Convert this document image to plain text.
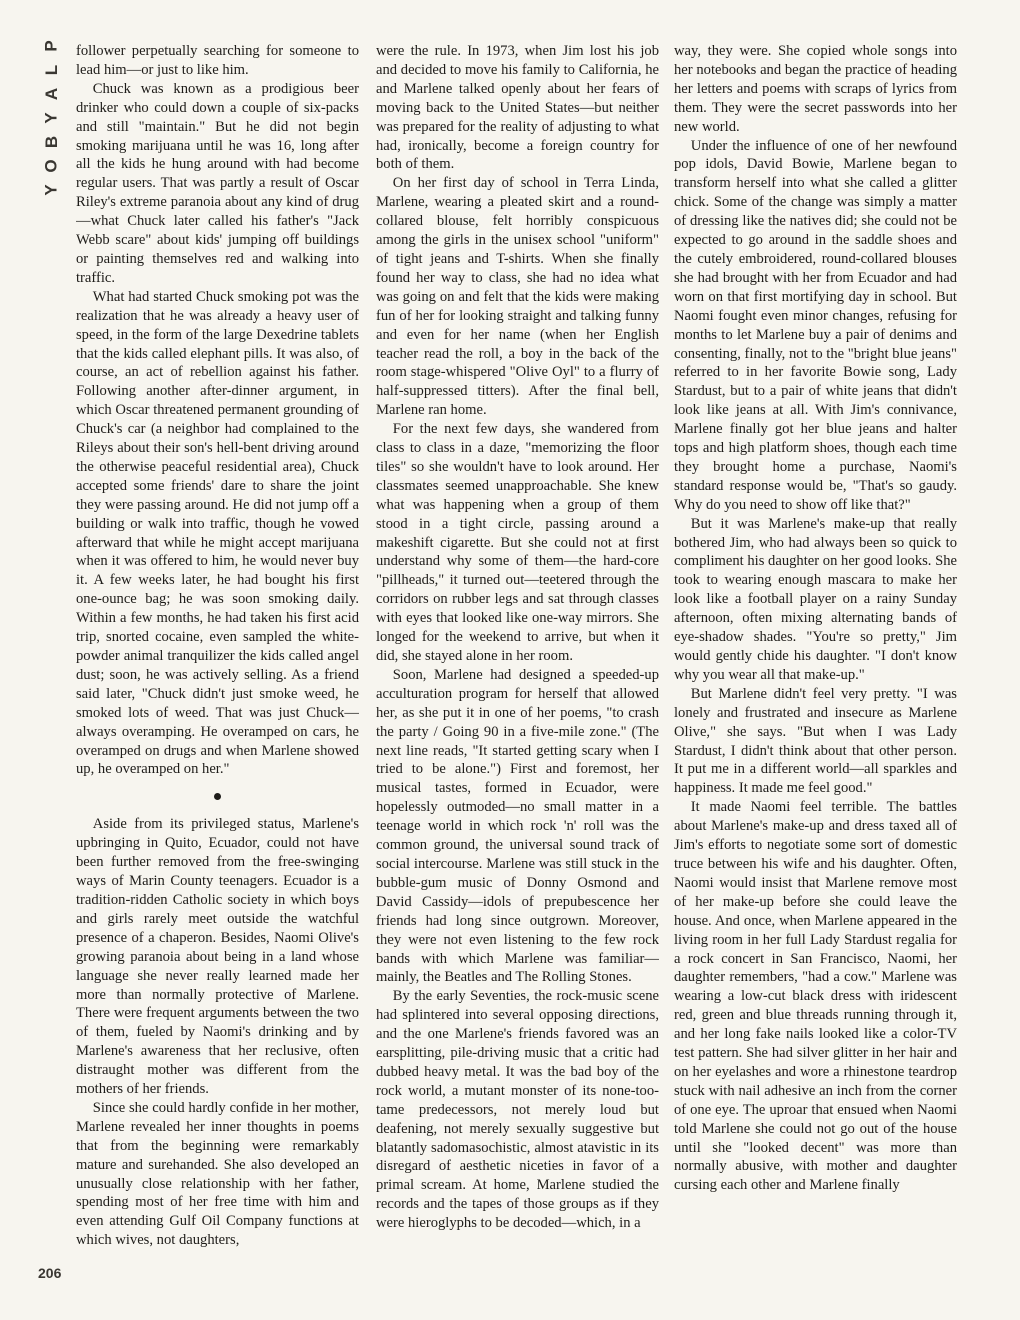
P
L
A
Y
B
O
Y

follower perpetually searching for someone to lead him—or just to like him.

Chuck was known as a prodigious beer drinker who could down a couple of six-packs and still "maintain." But he did not begin smoking marijuana until he was 16, long after all the kids he hung around with had become regular users. That was partly a result of Oscar Riley's extreme paranoia about any kind of drug—what Chuck later called his father's "Jack Webb scare" about kids' jumping off buildings or painting themselves red and walking into traffic.

What had started Chuck smoking pot was the realization that he was already a heavy user of speed, in the form of the large Dexedrine tablets that the kids called elephant pills. It was also, of course, an act of rebellion against his father. Following another after-dinner argument, in which Oscar threatened permanent grounding of Chuck's car (a neighbor had complained to the Rileys about their son's hell-bent driving around the otherwise peaceful residential area), Chuck accepted some friends' dare to share the joint they were passing around. He did not jump off a building or walk into traffic, though he vowed afterward that while he might accept marijuana when it was offered to him, he would never buy it. A few weeks later, he had bought his first one-ounce bag; he was soon smoking daily. Within a few months, he had taken his first acid trip, snorted cocaine, even sampled the white-powder animal tranquilizer the kids called angel dust; soon, he was actively selling. As a friend said later, "Chuck didn't just smoke weed, he smoked lots of weed. That was just Chuck—always overamping. He overamped on cars, he overamped on drugs and when Marlene showed up, he overamped on her."

Aside from its privileged status, Marlene's upbringing in Quito, Ecuador, could not have been further removed from the free-swinging ways of Marin County teenagers. Ecuador is a tradition-ridden Catholic society in which boys and girls rarely meet outside the watchful presence of a chaperon. Besides, Naomi Olive's growing paranoia about being in a land whose language she never really learned made her more than normally protective of Marlene. There were frequent arguments between the two of them, fueled by Naomi's drinking and by Marlene's awareness that her reclusive, often distraught mother was different from the mothers of her friends.

Since she could hardly confide in her mother, Marlene revealed her inner thoughts in poems that from the beginning were remarkably mature and surehanded. She also developed an unusually close relationship with her father, spending most of her free time with him and even attending Gulf Oil Company functions at which wives, not daughters,

were the rule. In 1973, when Jim lost his job and decided to move his family to California, he and Marlene talked openly about her fears of moving back to the United States—but neither was prepared for the reality of adjusting to what had, ironically, become a foreign country for both of them.

On her first day of school in Terra Linda, Marlene, wearing a pleated skirt and a round-collared blouse, felt horribly conspicuous among the girls in the unisex school "uniform" of tight jeans and T-shirts. When she finally found her way to class, she had no idea what was going on and felt that the kids were making fun of her for looking straight and talking funny and even for her name (when her English teacher read the roll, a boy in the back of the room stage-whispered "Olive Oyl" to a flurry of half-suppressed titters). After the final bell, Marlene ran home.

For the next few days, she wandered from class to class in a daze, "memorizing the floor tiles" so she wouldn't have to look around. Her classmates seemed unapproachable. She knew what was happening when a group of them stood in a tight circle, passing around a makeshift cigarette. But she could not at first understand why some of them—the hard-core "pillheads," it turned out—teetered through the corridors on rubber legs and sat through classes with eyes that looked like one-way mirrors. She longed for the weekend to arrive, but when it did, she stayed alone in her room.

Soon, Marlene had designed a speeded-up acculturation program for herself that allowed her, as she put it in one of her poems, "to crash the party / Going 90 in a five-mile zone." (The next line reads, "It started getting scary when I tried to be alone.") First and foremost, her musical tastes, formed in Ecuador, were hopelessly outmoded—no small matter in a teenage world in which rock 'n' roll was the common ground, the universal sound track of social intercourse. Marlene was still stuck in the bubble-gum music of Donny Osmond and David Cassidy—idols of prepubescence her friends had long since outgrown. Moreover, they were not even listening to the few rock bands with which Marlene was familiar—mainly, the Beatles and The Rolling Stones.

By the early Seventies, the rock-music scene had splintered into several opposing directions, and the one Marlene's friends favored was an earsplitting, pile-driving music that a critic had dubbed heavy metal. It was the bad boy of the rock world, a mutant monster of its none-too-tame predecessors, not merely loud but deafening, not merely sexually suggestive but blatantly sadomasochistic, almost atavistic in its disregard of aesthetic niceties in favor of a primal scream. At home, Marlene studied the records and the tapes of those groups as if they were hieroglyphs to be decoded—which, in a

way, they were. She copied whole songs into her notebooks and began the practice of heading her letters and poems with scraps of lyrics from them. They were the secret passwords into her new world.

Under the influence of one of her newfound pop idols, David Bowie, Marlene began to transform herself into what she called a glitter chick. Some of the change was simply a matter of dressing like the natives did; she could not be expected to go around in the saddle shoes and the cutely embroidered, round-collared blouses she had brought with her from Ecuador and had worn on that first mortifying day in school. But Naomi fought even minor changes, refusing for months to let Marlene buy a pair of denims and consenting, finally, not to the "bright blue jeans" referred to in her favorite Bowie song, Lady Stardust, but to a pair of white jeans that didn't look like jeans at all. With Jim's connivance, Marlene finally got her blue jeans and halter tops and high platform shoes, though each time they brought home a purchase, Naomi's standard response would be, "That's so gaudy. Why do you need to show off like that?"

But it was Marlene's make-up that really bothered Jim, who had always been so quick to compliment his daughter on her good looks. She took to wearing enough mascara to make her look like a football player on a rainy Sunday afternoon, often mixing alternating bands of eye-shadow shades. "You're so pretty," Jim would gently chide his daughter. "I don't know why you wear all that make-up."

But Marlene didn't feel very pretty. "I was lonely and frustrated and insecure as Marlene Olive," she says. "But when I was Lady Stardust, I didn't think about that other person. It put me in a different world—all sparkles and happiness. It made me feel good."

It made Naomi feel terrible. The battles about Marlene's make-up and dress taxed all of Jim's efforts to negotiate some sort of domestic truce between his wife and his daughter. Often, Naomi would insist that Marlene remove most of her make-up before she could leave the house. And once, when Marlene appeared in the living room in her full Lady Stardust regalia for a rock concert in San Francisco, Naomi, her daughter remembers, "had a cow." Marlene was wearing a low-cut black dress with iridescent red, green and blue threads running through it, and her long fake nails looked like a color-TV test pattern. She had silver glitter in her hair and on her eyelashes and wore a rhinestone teardrop stuck with nail adhesive an inch from the corner of one eye. The uproar that ensued when Naomi told Marlene she could not go out of the house until she "looked decent" was more than normally abusive, with mother and daughter cursing each other and Marlene finally

206
